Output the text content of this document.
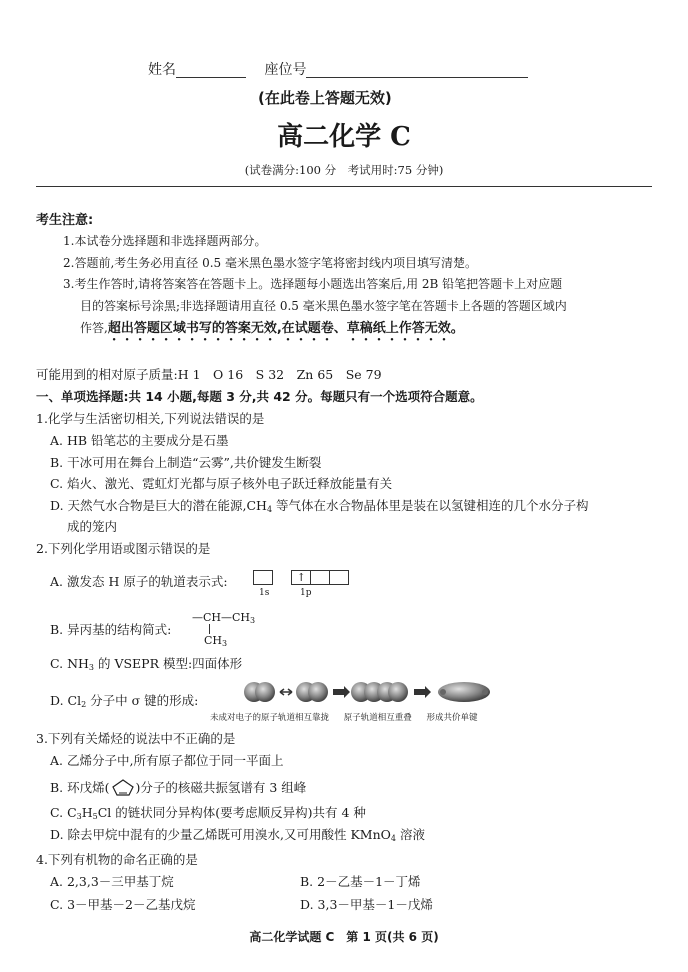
姓名	座位号
(在此卷上答题无效)
高二化学 C
(试卷满分:100 分　考试用时:75 分钟)
考生注意:
1.本试卷分选择题和非选择题两部分。
2.答题前,考生务必用直径 0.5 毫米黑色墨水签字笔将密封线内项目填写清楚。
3.考生作答时,请将答案答在答题卡上。选择题每小题选出答案后,用 2B 铅笔把答题卡上对应题
目的答案标号涂黑;非选择题请用直径 0.5 毫米黑色墨水签字笔在答题卡上各题的答题区域内
作答,超出答题区域书写的答案无效,在试题卷、草稿纸上作答无效。
可能用到的相对原子质量:H 1　O 16　S 32　Zn 65　Se 79
一、单项选择题:共 14 小题,每题 3 分,共 42 分。每题只有一个选项符合题意。
1.化学与生活密切相关,下列说法错误的是
A. HB 铅笔芯的主要成分是石墨
B. 干冰可用在舞台上制造“云雾”,共价键发生断裂
C. 焰火、激光、霓虹灯光都与原子核外电子跃迁释放能量有关
D. 天然气水合物是巨大的潜在能源$,CH_4$ 等气体在水合物晶体里是装在以氢键相连的几个水分子构
成的笼内
2.下列化学用语或图示错误的是
A. 激发态 H 原子的轨道表示式:	↑
1s	1p
B. 异丙基的结构简式:
$—CH—CH_3$
$CH_3$
C. $NH_3$ 的 VSEPR 模型:四面体形
D. $Cl_2$ 分子中 σ 键的形成:
未成对电子的原子轨道相互靠拢 原子轨道相互重叠 形成共价单键
3.下列有关烯烃的说法中不正确的是
A. 乙烯分子中,所有原子都位于同一平面上
B. 环戊烯( )分子的核磁共振氢谱有 3 组峰
C. $C_3H_5Cl$ 的链状同分异构体(要考虑顺反异构)共有 4 种
D. 除去甲烷中混有的少量乙烯既可用溴水,又可用酸性 KMnO$_4$ 溶液
4.下列有机物的命名正确的是
A. 2,3,3－三甲基丁烷	B. 2－乙基－1－丁烯
C. 3－甲基－2－乙基戊烷	D. 3,3－甲基－1－戊烯
高二化学试题 C　第 1 页(共 6 页)
